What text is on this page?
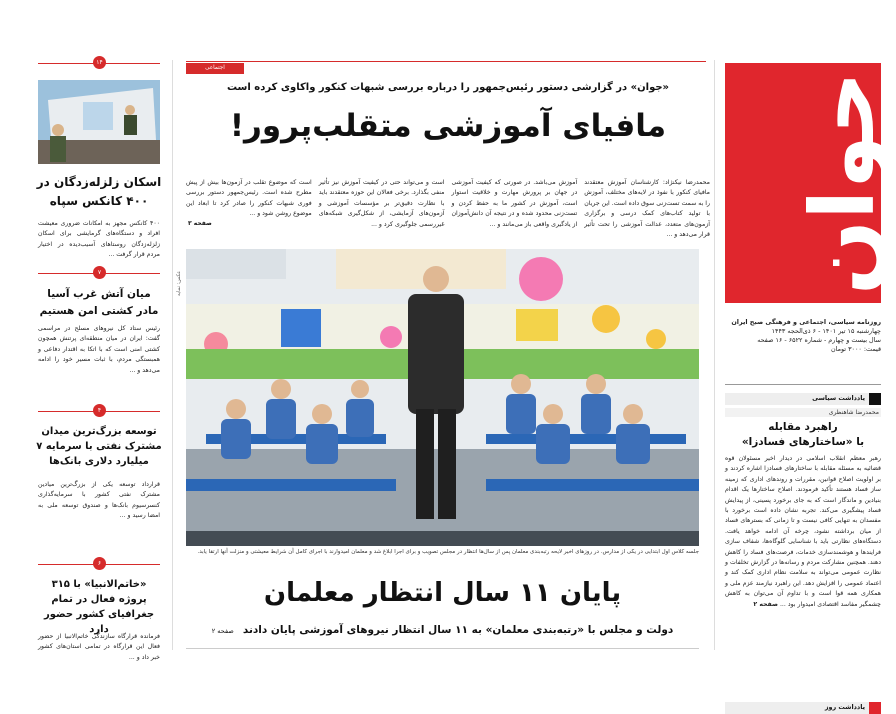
جوان
روزنامه سیاسی، اجتماعی و فرهنگی صبح ایران
چهارشنبه ۱۵ تیر ۱۴۰۱ - ۶ ذی‌الحجه ۱۴۴۳
سال بیست و چهارم - شماره ۶۵۲۲ - ۱۶ صفحه
قیمت: ۳۰۰۰ تومان
یادداشت سیاسی
محمدرضا شاهنظری
راهبرد مقابله
با «ساختارهای فسادزا»
رهبر معظم انقلاب اسلامی در دیدار اخیر مسئولان قوه قضائیه به مسئله مقابله با ساختارهای فسادزا اشاره کردند و بر اولویت اصلاح قوانین، مقررات و روندهای اداری که زمینه ساز فساد هستند تأکید فرمودند. اصلاح ساختارها یک اقدام بنیادین و ماندگار است که به جای برخورد پسینی، از پیدایش فساد پیشگیری می‌کند. تجربه نشان داده است برخورد با مفسدان به تنهایی کافی نیست و تا زمانی که بسترهای فساد از میان برداشته نشود، چرخه آن ادامه خواهد یافت. دستگاه‌های نظارتی باید با شناسایی گلوگاه‌ها، شفاف سازی فرایندها و هوشمندسازی خدمات، فرصت‌های فساد را کاهش دهند. همچنین مشارکت مردم و رسانه‌ها در گزارش تخلفات و نظارت عمومی می‌تواند به سلامت نظام اداری کمک کند و اعتماد عمومی را افزایش دهد. این راهبرد نیازمند عزم ملی و همکاری همه قوا است و با تداوم آن می‌توان به کاهش چشمگیر مفاسد اقتصادی امیدوار بود ... صفحه ۲
یادداشت روز
اجتماعی
«جوان» در گزارشی دستور رئیس‌جمهور را درباره بررسی شبهات کنکور واکاوی کرده است
مافیای آموزشی متقلب‌پرور!
محمدرضا نیکنژاد: کارشناسان آموزش معتقدند مافیای کنکور با نفوذ در لایه‌های مختلف، آموزش را به سمت تست‌زنی سوق داده است. این جریان با تولید کتاب‌های کمک درسی و برگزاری آزمون‌های متعدد، عدالت آموزشی را تحت تأثیر قرار می‌دهد و ...
آموزش می‌باشد. در صورتی که کیفیت آموزشی در جهان بر پرورش مهارت و خلاقیت استوار است، آموزش در کشور ما به حفظ کردن و تست‌زنی محدود شده و در نتیجه آن دانش‌آموزان از یادگیری واقعی باز می‌مانند و ...
است و می‌تواند حتی در کیفیت آموزش نیز تأثیر منفی بگذارد. برخی فعالان این حوزه معتقدند باید با نظارت دقیق‌تر بر مؤسسات آموزشی و آزمون‌های آزمایشی، از شکل‌گیری شبکه‌های غیررسمی جلوگیری کرد و ...
است که موضوع تقلب در آزمون‌ها بیش از پیش مطرح شده است. رئیس‌جمهور دستور بررسی فوری شبهات کنکور را صادر کرد تا ابعاد این موضوع روشن شود و ...
صفحه ۳
عکس: نمایه
جلسه کلاس اول ابتدایی در یکی از مدارس. در روزهای اخیر لایحه رتبه‌بندی معلمان پس از سال‌ها انتظار در مجلس تصویب و برای اجرا ابلاغ شد و معلمان امیدوارند با اجرای کامل آن شرایط معیشتی و منزلت آنها ارتقا یابد.
پایان ۱۱ سال انتظار معلمان
دولت و مجلس با «رتبه‌بندی معلمان» به ۱۱ سال انتظار نیروهای آموزشی پایان دادند صفحه ۲
۱۴
اسکان زلزله‌زدگان در ۴۰۰ کانکس سپاه
۴۰۰ کانکس مجهز به امکانات ضروری معیشت افراد و دستگاه‌های گرمایشی برای اسکان زلزله‌زدگان روستاهای آسیب‌دیده در اختیار مردم قرار گرفت ...
۷
میان آتش غرب آسیا مادر کشتی امن هستیم
رئیس ستاد کل نیروهای مسلح در مراسمی گفت: ایران در میان منطقه‌ای پرتنش همچون کشتی امنی است که با اتکا به اقتدار دفاعی و همبستگی مردم، با ثبات مسیر خود را ادامه می‌دهد و ...
۴
توسعه بزرگ‌ترین میدان مشترک نفتی با سرمایه ۷ میلیارد دلاری بانک‌ها
قرارداد توسعه یکی از بزرگ‌ترین میادین مشترک نفتی کشور با سرمایه‌گذاری کنسرسیوم بانک‌ها و صندوق توسعه ملی به امضا رسید و ...
۶
«خاتم‌الانبیا» با ۳۱۵ پروژه فعال در تمام جغرافیای کشور حضور دارد
فرمانده قرارگاه سازندگی خاتم‌الانبیا از حضور فعال این قرارگاه در تمامی استان‌های کشور خبر داد و ...
